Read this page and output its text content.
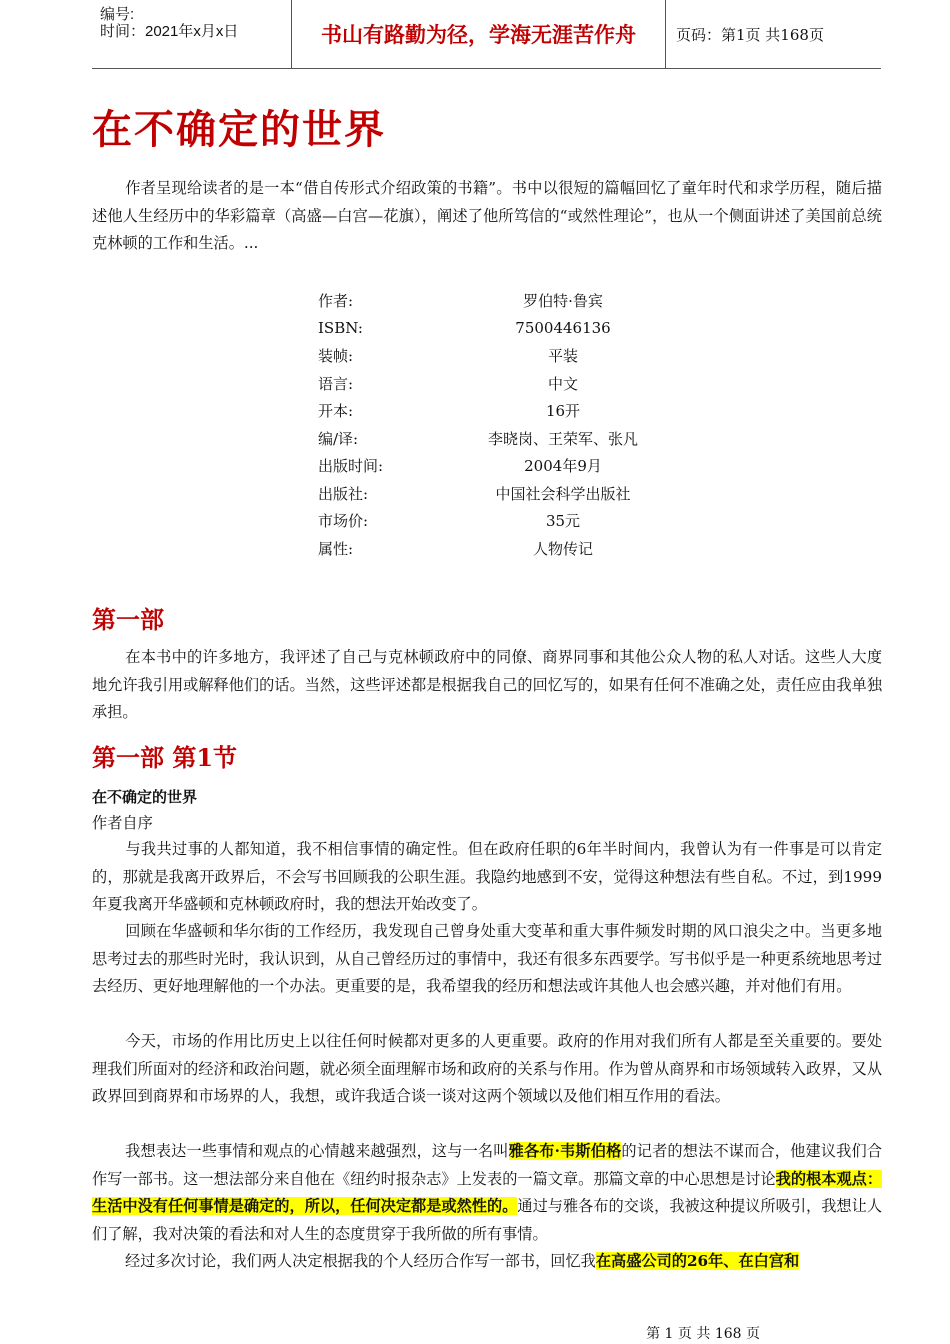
编号:
时间：2021年x月x日	书山有路勤为径，学海无涯苦作舟	页码：第1页 共168页
在不确定的世界

作者呈现给读者的是一本“借自传形式介绍政策的书籍”。书中以很短的篇幅回忆了童年时代和求学历程，随后描述他人生经历中的华彩篇章（高盛—白宫—花旗），阐述了他所笃信的“或然性理论”，也从一个侧面讲述了美国前总统克林顿的工作和生活。...

作者:	罗伯特·鲁宾
ISBN:	7500446136
装帧:	平装
语言:	中文
开本:	16开
编/译:	李晓岗、王荣军、张凡
出版时间:	2004年9月
出版社:	中国社会科学出版社
市场价:	35元
属性:	人物传记
第一部

在本书中的许多地方，我评述了自己与克林顿政府中的同僚、商界同事和其他公众人物的私人对话。这些人大度地允许我引用或解释他们的话。当然，这些评述都是根据我自己的回忆写的，如果有任何不准确之处，责任应由我单独承担。

第一部 第1节

在不确定的世界

作者自序

与我共过事的人都知道，我不相信事情的确定性。但在政府任职的6年半时间内，我曾认为有一件事是可以肯定的，那就是我离开政界后，不会写书回顾我的公职生涯。我隐约地感到不安，觉得这种想法有些自私。不过，到1999年夏我离开华盛顿和克林顿政府时，我的想法开始改变了。

回顾在华盛顿和华尔街的工作经历，我发现自己曾身处重大变革和重大事件频发时期的风口浪尖之中。当更多地思考过去的那些时光时，我认识到，从自己曾经历过的事情中，我还有很多东西要学。写书似乎是一种更系统地思考过去经历、更好地理解他的一个办法。更重要的是，我希望我的经历和想法或许其他人也会感兴趣，并对他们有用。

今天，市场的作用比历史上以往任何时候都对更多的人更重要。政府的作用对我们所有人都是至关重要的。要处理我们所面对的经济和政治问题，就必须全面理解市场和政府的关系与作用。作为曾从商界和市场领域转入政界，又从政界回到商界和市场界的人，我想，或许我适合谈一谈对这两个领域以及他们相互作用的看法。

我想表达一些事情和观点的心情越来越强烈，这与一名叫雅各布·韦斯伯格的记者的想法不谋而合，他建议我们合作写一部书。这一想法部分来自他在《纽约时报杂志》上发表的一篇文章。那篇文章的中心思想是讨论我的根本观点：生活中没有任何事情是确定的，所以，任何决定都是或然性的。通过与雅各布的交谈，我被这种提议所吸引，我想让人们了解，我对决策的看法和对人生的态度贯穿于我所做的所有事情。

经过多次讨论，我们两人决定根据我的个人经历合作写一部书，回忆我在高盛公司的26年、在白宫和

第 1 页 共 168 页
